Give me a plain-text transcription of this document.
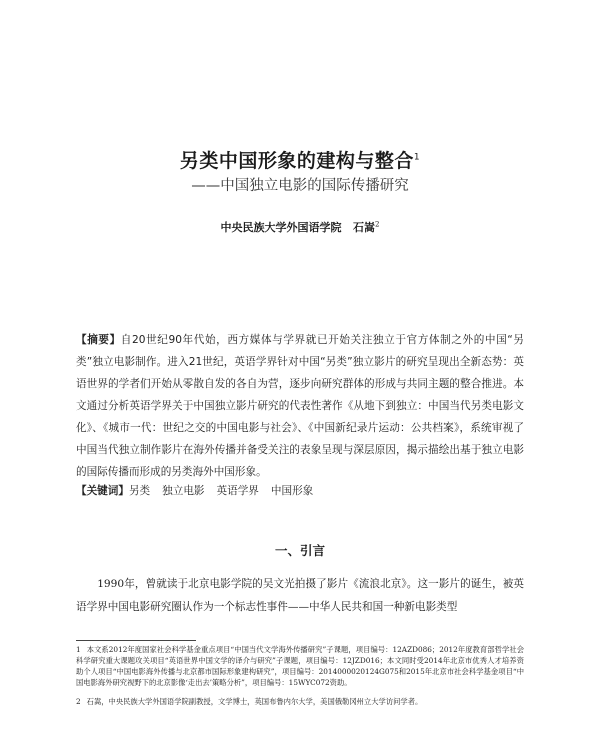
另类中国形象的建构与整合$^1$
——中国独立电影的国际传播研究
中央民族大学外国语学院 石嵩$^2$
【摘要】自20世纪90年代始，西方媒体与学界就已开始关注独立于官方体制之外的中国“另类”独立电影制作。进入21世纪，英语学界针对中国“另类”独立影片的研究呈现出全新态势：英语世界的学者们开始从零散自发的各自为营，逐步向研究群体的形成与共同主题的整合推进。本文通过分析英语学界关于中国独立影片研究的代表性著作《从地下到独立：中国当代另类电影文化》、《城市一代：世纪之交的中国电影与社会》、《中国新纪录片运动：公共档案》，系统审视了中国当代独立制作影片在海外传播并备受关注的表象呈现与深层原因，揭示描绘出基于独立电影的国际传播而形成的另类海外中国形象。
【关键词】另类 独立电影 英语学界 中国形象
一、引言
1990年，曾就读于北京电影学院的吴文光拍摄了影片《流浪北京》。这一影片的诞生，被英语学界中国电影研究圈认作为一个标志性事件——中华人民共和国一种新电影类型
1 本文系2012年度国家社会科学基金重点项目“中国当代文学海外传播研究”子课题，项目编号：12AZD086；2012年度教育部哲学社会科学研究重大课题攻关项目“英语世界中国文学的译介与研究”子课题，项目编号：12JZD016；本文同时受2014年北京市优秀人才培养资助个人项目“中国电影海外传播与北京都市国际形象建构研究”，项目编号：2014000020124G075和2015年北京市社会科学基金项目“中国电影海外研究视野下的北京影像‘走出去’策略分析”，项目编号：15WYC072资助。
2 石嵩，中央民族大学外国语学院副教授，文学博士，英国布鲁内尔大学，美国俄勒冈州立大学访问学者。
